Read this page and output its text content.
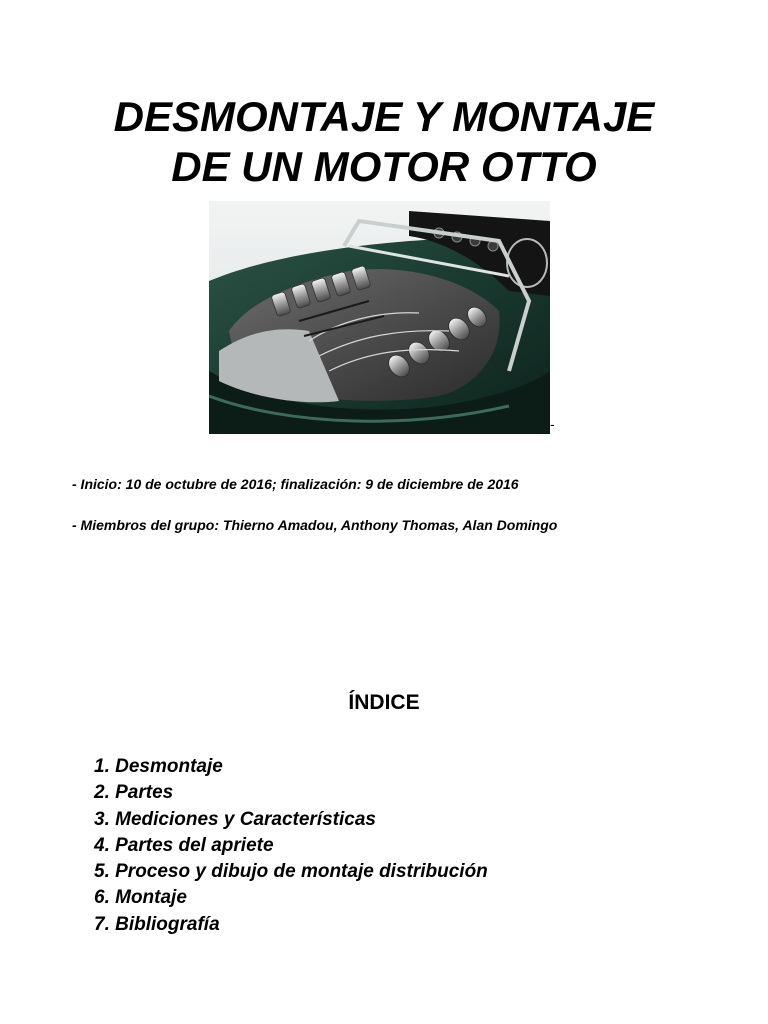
DESMONTAJE Y MONTAJE
DE UN MOTOR OTTO
-

- Inicio: 10 de octubre de 2016; finalización: 9 de diciembre de 2016

- Miembros del grupo: Thierno Amadou, Anthony Thomas, Alan Domingo

ÍNDICE
1. Desmontaje
2. Partes
3. Mediciones y Características
4. Partes del apriete
5. Proceso y dibujo de montaje distribución
6. Montaje
7. Bibliografía
